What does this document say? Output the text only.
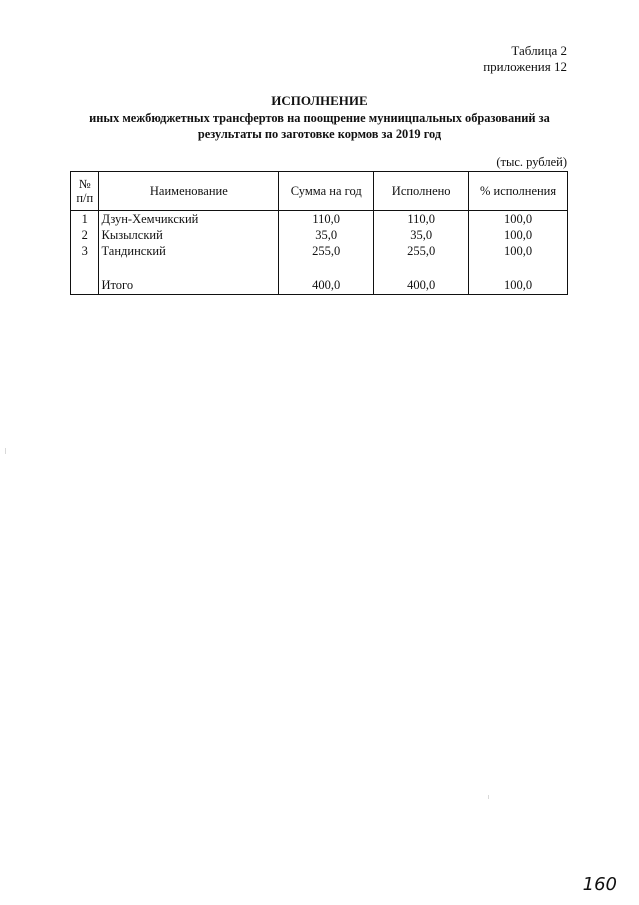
Таблица 2
приложения 12
ИСПОЛНЕНИЕ
иных межбюджетных трансфертов на поощрение муниицпальных образований за результаты по заготовке кормов за 2019 год
(тыс. рублей)
№
п/п	Наименование	Сумма на год	Исполнено	% исполнения
1	Дзун-Хемчикский	110,0	110,0	100,0
2	Кызылский	35,0	35,0	100,0
3	Тандинский	255,0	255,0	100,0

	Итого	400,0	400,0	100,0
160
